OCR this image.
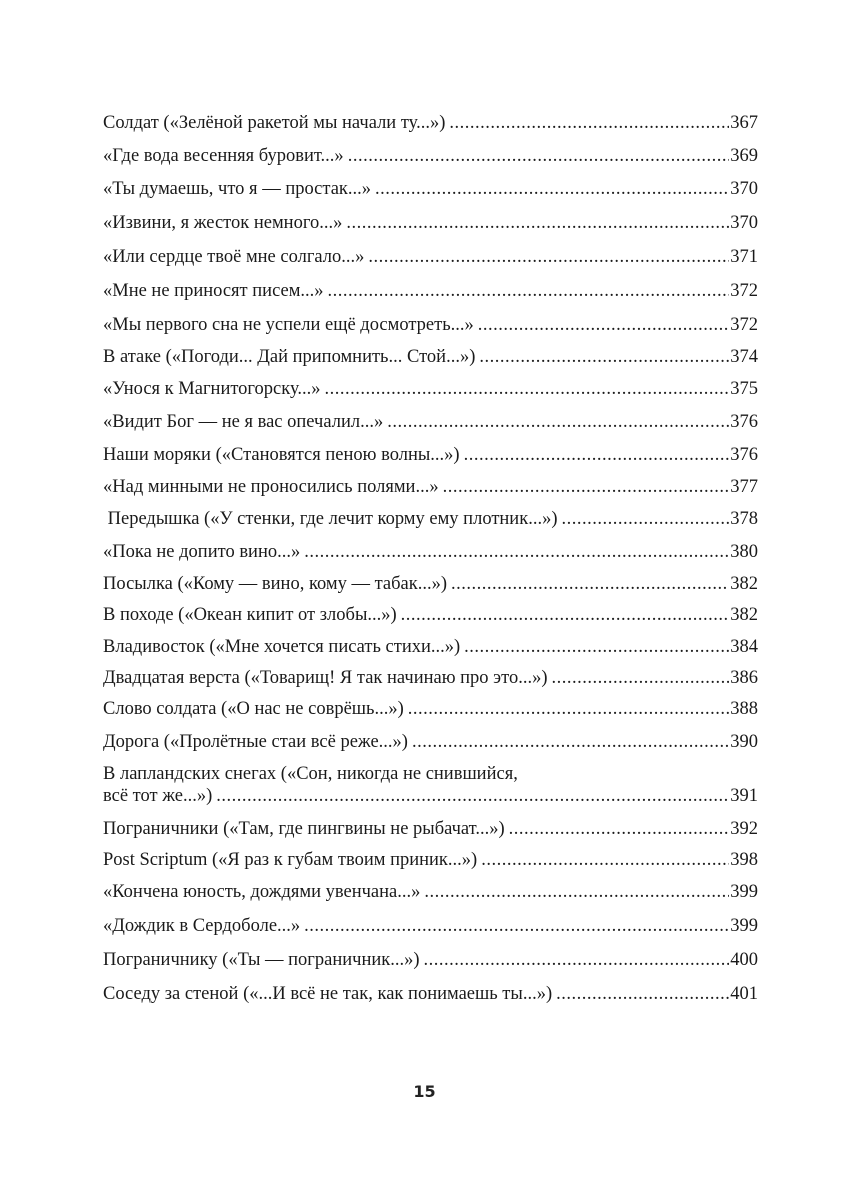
Солдат («Зелёной ракетой мы начали ту...») .....	367
«Где вода весенняя буровит...» .....	369
«Ты думаешь, что я — простак...» .....	370
«Извини, я жесток немного...» .....	370
«Или сердце твоё мне солгало...» .....	371
«Мне не приносят писем...» .....	372
«Мы первого сна не успели ещё досмотреть...» .....	372
В атаке («Погоди... Дай припомнить... Стой...») .....	374
«Унося к Магнитогорску...» .....	375
«Видит Бог — не я вас опечалил...» .....	376
Наши моряки («Становятся пеною волны...») .....	376
«Над минными не проносились полями...» .....	377
Передышка («У стенки, где лечит корму ему плотник...») .....	378
«Пока не допито вино...» .....	380
Посылка («Кому — вино, кому — табак...») .....	382
В походе («Океан кипит от злобы...») .....	382
Владивосток («Мне хочется писать стихи...») .....	384
Двадцатая верста («Товарищ! Я так начинаю про это...») .....	386
Слово солдата («О нас не соврёшь...») .....	388
Дорога («Пролётные стаи всё реже...») .....	390
В лапландских снегах («Сон, никогда не снившийся,
всё тот же...») .....	391
Пограничники («Там, где пингвины не рыбачат...») .....	392
Post Scriptum («Я раз к губам твоим приник...») .....	398
«Кончена юность, дождями увенчана...» .....	399
«Дождик в Сердоболе...» .....	399
Пограничнику («Ты — пограничник...») .....	400
Соседу за стеной («...И всё не так, как понимаешь ты...») .....	401
15
